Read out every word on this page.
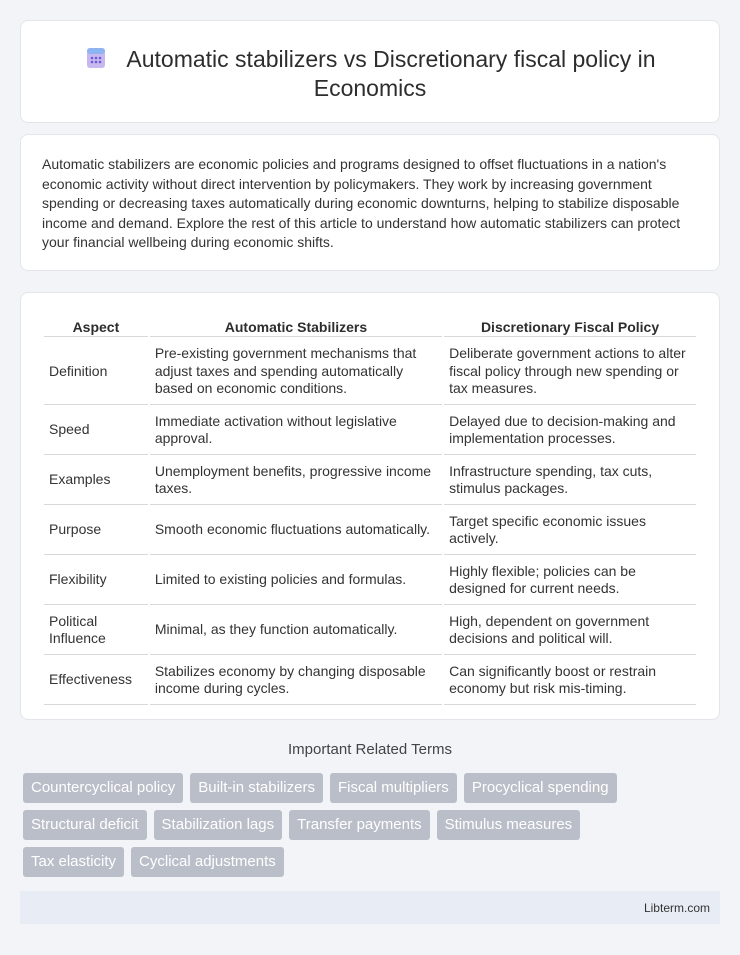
Automatic stabilizers vs Discretionary fiscal policy in
Economics

Automatic stabilizers are economic policies and programs designed to offset fluctuations in a nation's economic activity without direct intervention by policymakers. They work by increasing government spending or decreasing taxes automatically during economic downturns, helping to stabilize disposable income and demand. Explore the rest of this article to understand how automatic stabilizers can protect your financial wellbeing during economic shifts.

Aspect	Automatic Stabilizers	Discretionary Fiscal Policy
Definition	Pre-existing government mechanisms that adjust taxes and spending automatically based on economic conditions.	Deliberate government actions to alter fiscal policy through new spending or tax measures.
Speed	Immediate activation without legislative approval.	Delayed due to decision-making and implementation processes.
Examples	Unemployment benefits, progressive income taxes.	Infrastructure spending, tax cuts, stimulus packages.
Purpose	Smooth economic fluctuations automatically.	Target specific economic issues actively.
Flexibility	Limited to existing policies and formulas.	Highly flexible; policies can be designed for current needs.
Political Influence	Minimal, as they function automatically.	High, dependent on government decisions and political will.
Effectiveness	Stabilizes economy by changing disposable income during cycles.	Can significantly boost or restrain economy but risk mis-timing.
Important Related Terms
Countercyclical policy	Built-in stabilizers	Fiscal multipliers	Procyclical spending
Structural deficit	Stabilization lags	Transfer payments	Stimulus measures
Tax elasticity	Cyclical adjustments
Libterm.com
